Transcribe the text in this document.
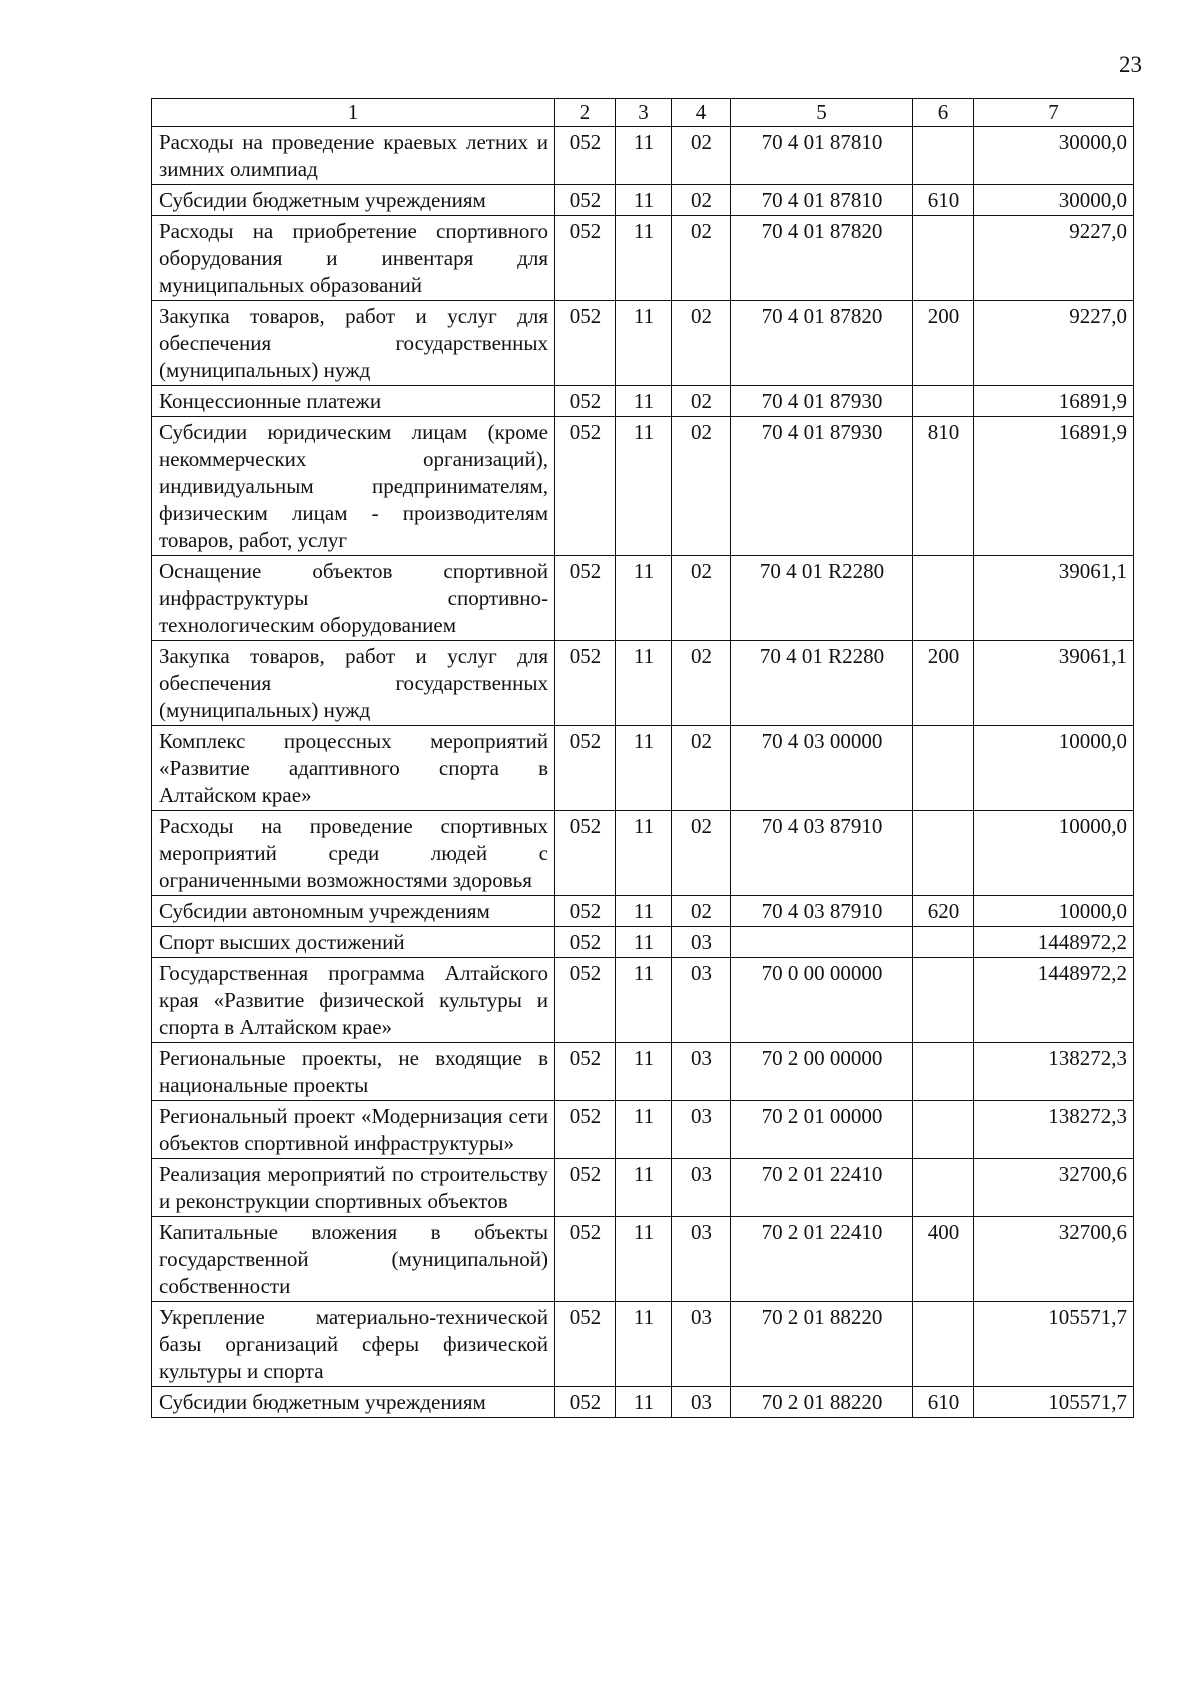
23
1	2	3	4	5	6	7
Расходы на проведение краевых летних и зимних олимпиад	052	11	02	70 4 01 87810		30000,0
Субсидии бюджетным учреждениям	052	11	02	70 4 01 87810	610	30000,0
Расходы на приобретение спортивного оборудования и инвентаря для муниципальных образований	052	11	02	70 4 01 87820		9227,0
Закупка товаров, работ и услуг для обеспечения государственных (муниципальных) нужд	052	11	02	70 4 01 87820	200	9227,0
Концессионные платежи	052	11	02	70 4 01 87930		16891,9
Субсидии юридическим лицам (кроме некоммерческих организаций), индивидуальным предпринимателям, физическим лицам - производителям товаров, работ, услуг	052	11	02	70 4 01 87930	810	16891,9
Оснащение объектов спортивной инфраструктуры спортивно-технологическим оборудованием	052	11	02	70 4 01 R2280		39061,1
Закупка товаров, работ и услуг для обеспечения государственных (муниципальных) нужд	052	11	02	70 4 01 R2280	200	39061,1
Комплекс процессных мероприятий «Развитие адаптивного спорта в Алтайском крае»	052	11	02	70 4 03 00000		10000,0
Расходы на проведение спортивных мероприятий среди людей с ограниченными возможностями здоровья	052	11	02	70 4 03 87910		10000,0
Субсидии автономным учреждениям	052	11	02	70 4 03 87910	620	10000,0
Спорт высших достижений	052	11	03			1448972,2
Государственная программа Алтайского края «Развитие физической культуры и спорта в Алтайском крае»	052	11	03	70 0 00 00000		1448972,2
Региональные проекты, не входящие в национальные проекты	052	11	03	70 2 00 00000		138272,3
Региональный проект «Модернизация сети объектов спортивной инфраструктуры»	052	11	03	70 2 01 00000		138272,3
Реализация мероприятий по строительству и реконструкции спортивных объектов	052	11	03	70 2 01 22410		32700,6
Капитальные вложения в объекты государственной (муниципальной) собственности	052	11	03	70 2 01 22410	400	32700,6
Укрепление материально-технической базы организаций сферы физической культуры и спорта	052	11	03	70 2 01 88220		105571,7
Субсидии бюджетным учреждениям	052	11	03	70 2 01 88220	610	105571,7
